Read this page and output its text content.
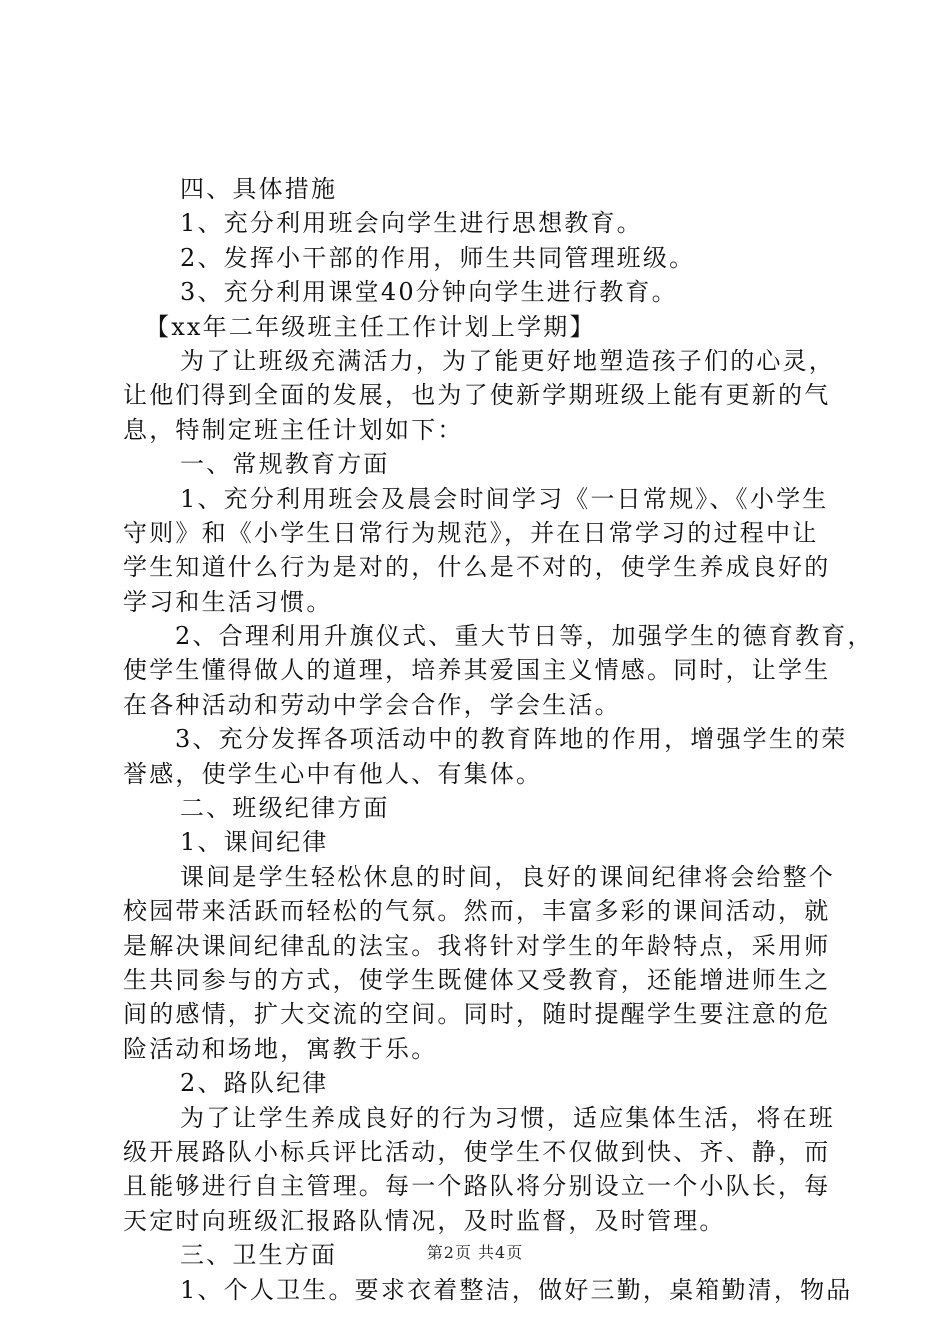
四、具体措施
1、充分利用班会向学生进行思想教育。
2、发挥小干部的作用，师生共同管理班级。
3、充分利用课堂40分钟向学生进行教育。
【xx年二年级班主任工作计划上学期】
为了让班级充满活力，为了能更好地塑造孩子们的心灵，
让他们得到全面的发展，也为了使新学期班级上能有更新的气
息，特制定班主任计划如下：
一、常规教育方面
1、充分利用班会及晨会时间学习《一日常规》、《小学生
守则》和《小学生日常行为规范》，并在日常学习的过程中让
学生知道什么行为是对的，什么是不对的，使学生养成良好的
学习和生活习惯。
2、合理利用升旗仪式、重大节日等，加强学生的德育教育，
使学生懂得做人的道理，培养其爱国主义情感。同时，让学生
在各种活动和劳动中学会合作，学会生活。
3、充分发挥各项活动中的教育阵地的作用，增强学生的荣
誉感，使学生心中有他人、有集体。
二、班级纪律方面
1、课间纪律
课间是学生轻松休息的时间，良好的课间纪律将会给整个
校园带来活跃而轻松的气氛。然而，丰富多彩的课间活动，就
是解决课间纪律乱的法宝。我将针对学生的年龄特点，采用师
生共同参与的方式，使学生既健体又受教育，还能增进师生之
间的感情，扩大交流的空间。同时，随时提醒学生要注意的危
险活动和场地，寓教于乐。
2、路队纪律
为了让学生养成良好的行为习惯，适应集体生活，将在班
级开展路队小标兵评比活动，使学生不仅做到快、齐、静，而
且能够进行自主管理。每一个路队将分别设立一个小队长，每
天定时向班级汇报路队情况，及时监督，及时管理。
三、卫生方面
1、个人卫生。要求衣着整洁，做好三勤，桌箱勤清，物品
第2页 共4页
